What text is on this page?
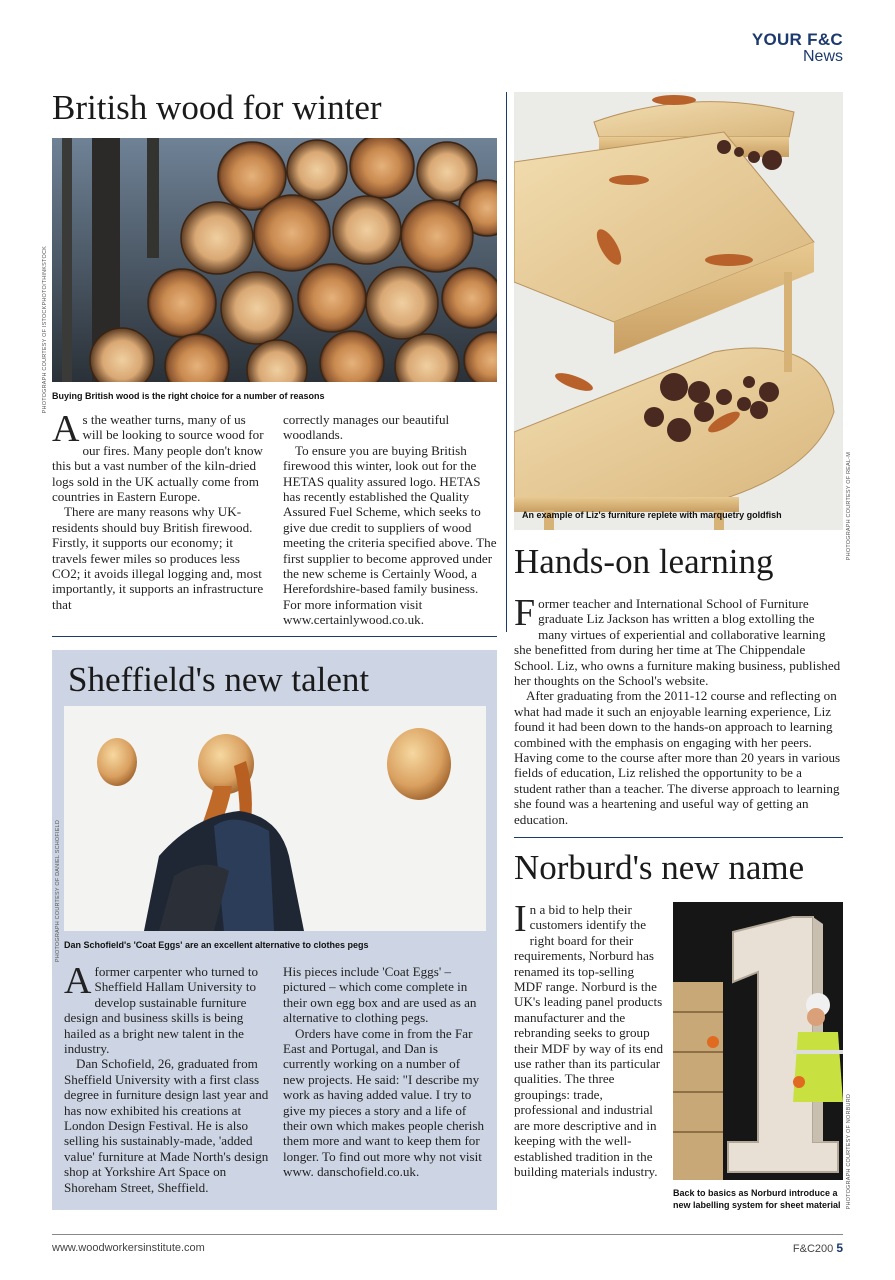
YOUR F&C
News
British wood for winter
PHOTOGRAPH COURTESY OF ISTOCKPHOTO/THINKSTOCK Buying British wood is the right choice for a number of reasons

As the weather turns, many of us will be looking to source wood for our fires. Many people don't know this but a vast number of the kiln-dried logs sold in the UK actually come from countries in Eastern Europe.

There are many reasons why UK-residents should buy British firewood. Firstly, it supports our economy; it travels fewer miles so produces less CO2; it avoids illegal logging and, most importantly, it supports an infrastructure that

correctly manages our beautiful woodlands.

To ensure you are buying British firewood this winter, look out for the HETAS quality assured logo. HETAS has recently established the Quality Assured Fuel Scheme, which seeks to give due credit to suppliers of wood meeting the criteria specified above. The first supplier to become approved under the new scheme is Certainly Wood, a Herefordshire-based family business. For more information visit www.certainlywood.co.uk.

PHOTOGRAPH COURTESY OF REAL-M
An example of Liz's furniture replete with marquetry goldfish
Hands-on learning

Former teacher and International School of Furniture graduate Liz Jackson has written a blog extolling the many virtues of experiential and collaborative learning she benefitted from during her time at The Chippendale School. Liz, who owns a furniture making business, published her thoughts on the School's website.

After graduating from the 2011-12 course and reflecting on what had made it such an enjoyable learning experience, Liz found it had been down to the hands-on approach to learning combined with the emphasis on engaging with her peers. Having come to the course after more than 20 years in various fields of education, Liz relished the opportunity to be a student rather than a teacher. The diverse approach to learning she found was a heartening and useful way of getting an education.

Sheffield's new talent
PHOTOGRAPH COURTESY OF DANIEL SCHOFIELD Dan Schofield's 'Coat Eggs' are an excellent alternative to clothes pegs

A former carpenter who turned to Sheffield Hallam University to develop sustainable furniture design and business skills is being hailed as a bright new talent in the industry.

Dan Schofield, 26, graduated from Sheffield University with a first class degree in furniture design last year and has now exhibited his creations at London Design Festival. He is also selling his sustainably-made, 'added value' furniture at Made North's design shop at Yorkshire Art Space on Shoreham Street, Sheffield.

His pieces include 'Coat Eggs' – pictured – which come complete in their own egg box and are used as an alternative to clothing pegs.

Orders have come in from the Far East and Portugal, and Dan is currently working on a number of new projects. He said: "I describe my work as having added value. I try to give my pieces a story and a life of their own which makes people cherish them more and want to keep them for longer. To find out more why not visit www. danschofield.co.uk.

Norburd's new name

In a bid to help their customers identify the right board for their requirements, Norburd has renamed its top-selling MDF range. Norburd is the UK's leading panel products manufacturer and the rebranding seeks to group their MDF by way of its end use rather than its particular qualities. The three groupings: trade, professional and industrial are more descriptive and in keeping with the well-established tradition in the building materials industry.	PHOTOGRAPH COURTESY OF NORBURD
Back to basics as Norburd introduce a new labelling system for sheet material
www.woodworkersinstitute.com	F&C200 5
